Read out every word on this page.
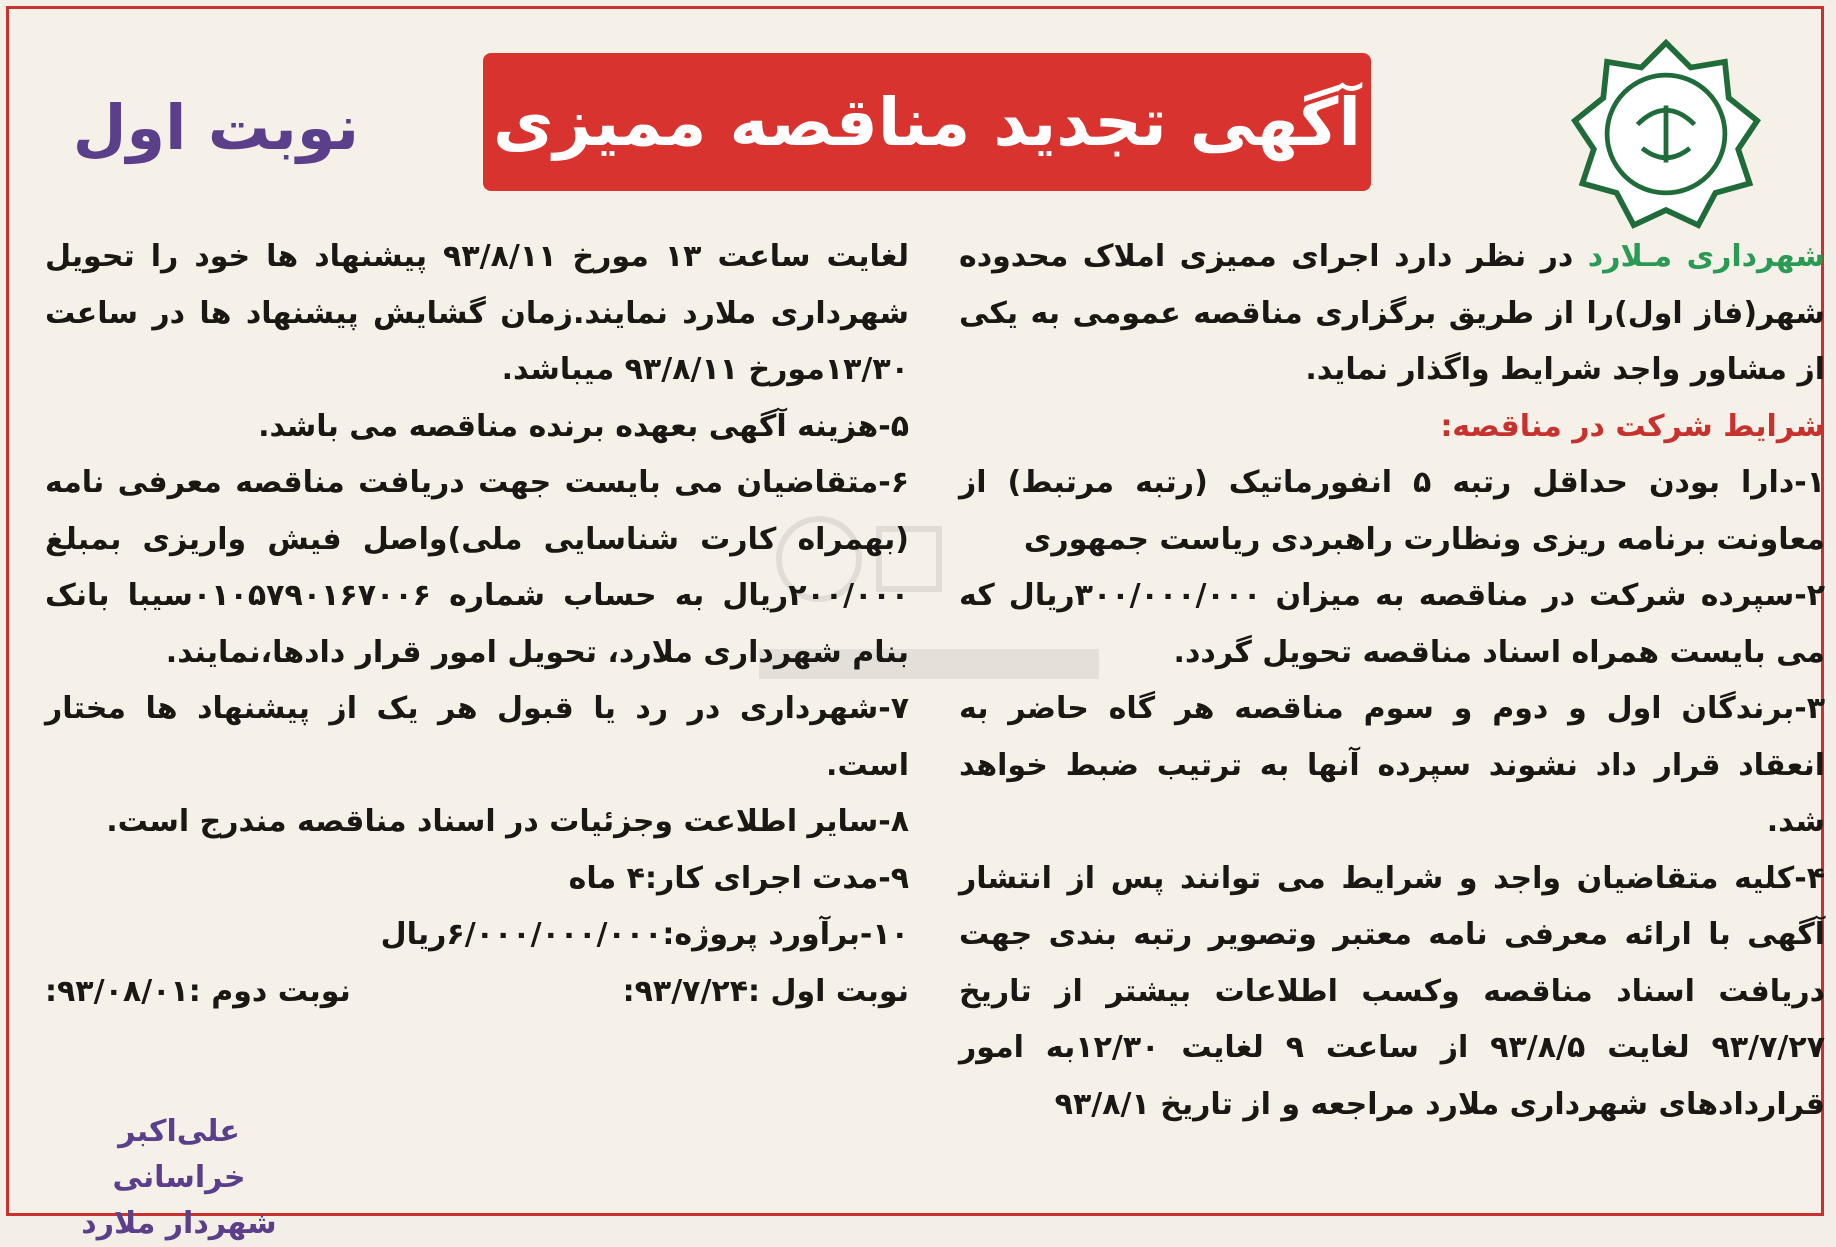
آگهی تجدید مناقصه ممیزی
نوبت اول

شهرداری مـلارد در نظر دارد اجرای ممیزی املاک محدوده شهر(فاز اول)را از طریق برگزاری مناقصه عمومی به یکی از مشاور واجد شرایط واگذار نماید.

شرایط شرکت در مناقصه:

۱-دارا بودن حداقل رتبه ۵ انفورماتیک (رتبه مرتبط) از معاونت برنامه ریزی ونظارت راهبردی ریاست جمهوری

۲-سپرده شرکت در مناقصه به میزان ۳۰۰/۰۰۰/۰۰۰ریال که می بایست همراه اسناد مناقصه تحویل گردد.

۳-برندگان اول و دوم و سوم مناقصه هر گاه حاضر به انعقاد قرار داد نشوند سپرده آنها به ترتیب ضبط خواهد شد.

۴-کلیه متقاضیان واجد و شرایط می توانند پس از انتشار آگهی با ارائه معرفی نامه معتبر وتصویر رتبه بندی جهت دریافت اسناد مناقصه وکسب اطلاعات بیشتر از تاریخ ۹۳/۷/۲۷ لغایت ۹۳/۸/۵ از ساعت ۹ لغایت ۱۲/۳۰به امور قراردادهای شهرداری ملارد مراجعه و از تاریخ ۹۳/۸/۱

لغایت ساعت ۱۳ مورخ ۹۳/۸/۱۱ پیشنهاد ها خود را تحویل شهرداری ملارد نمایند.زمان گشایش پیشنهاد ها در ساعت ۱۳/۳۰مورخ ۹۳/۸/۱۱ میباشد.

۵-هزینه آگهی بعهده برنده مناقصه می باشد.

۶-متقاضیان می بایست جهت دریافت مناقصه معرفی نامه (بهمراه کارت شناسایی ملی)واصل فیش واریزی بمبلغ ۲۰۰/۰۰۰ریال به حساب شماره ۰۱۰۵۷۹۰۱۶۷۰۰۶سیبا بانک بنام شهرداری ملارد، تحویل امور قرار دادها،نمایند.

۷-شهرداری در رد یا قبول هر یک از پیشنهاد ها مختار است.

۸-سایر اطلاعت وجزئیات در اسناد مناقصه مندرج است.

۹-مدت اجرای کار:۴ ماه

۱۰-برآورد پروژه:۶/۰۰۰/۰۰۰/۰۰۰ریال

نوبت اول :۹۳/۷/۲۴:
نوبت دوم :۹۳/۰۸/۰۱:
علی‌اکبر خراسانی
شهردار ملارد
